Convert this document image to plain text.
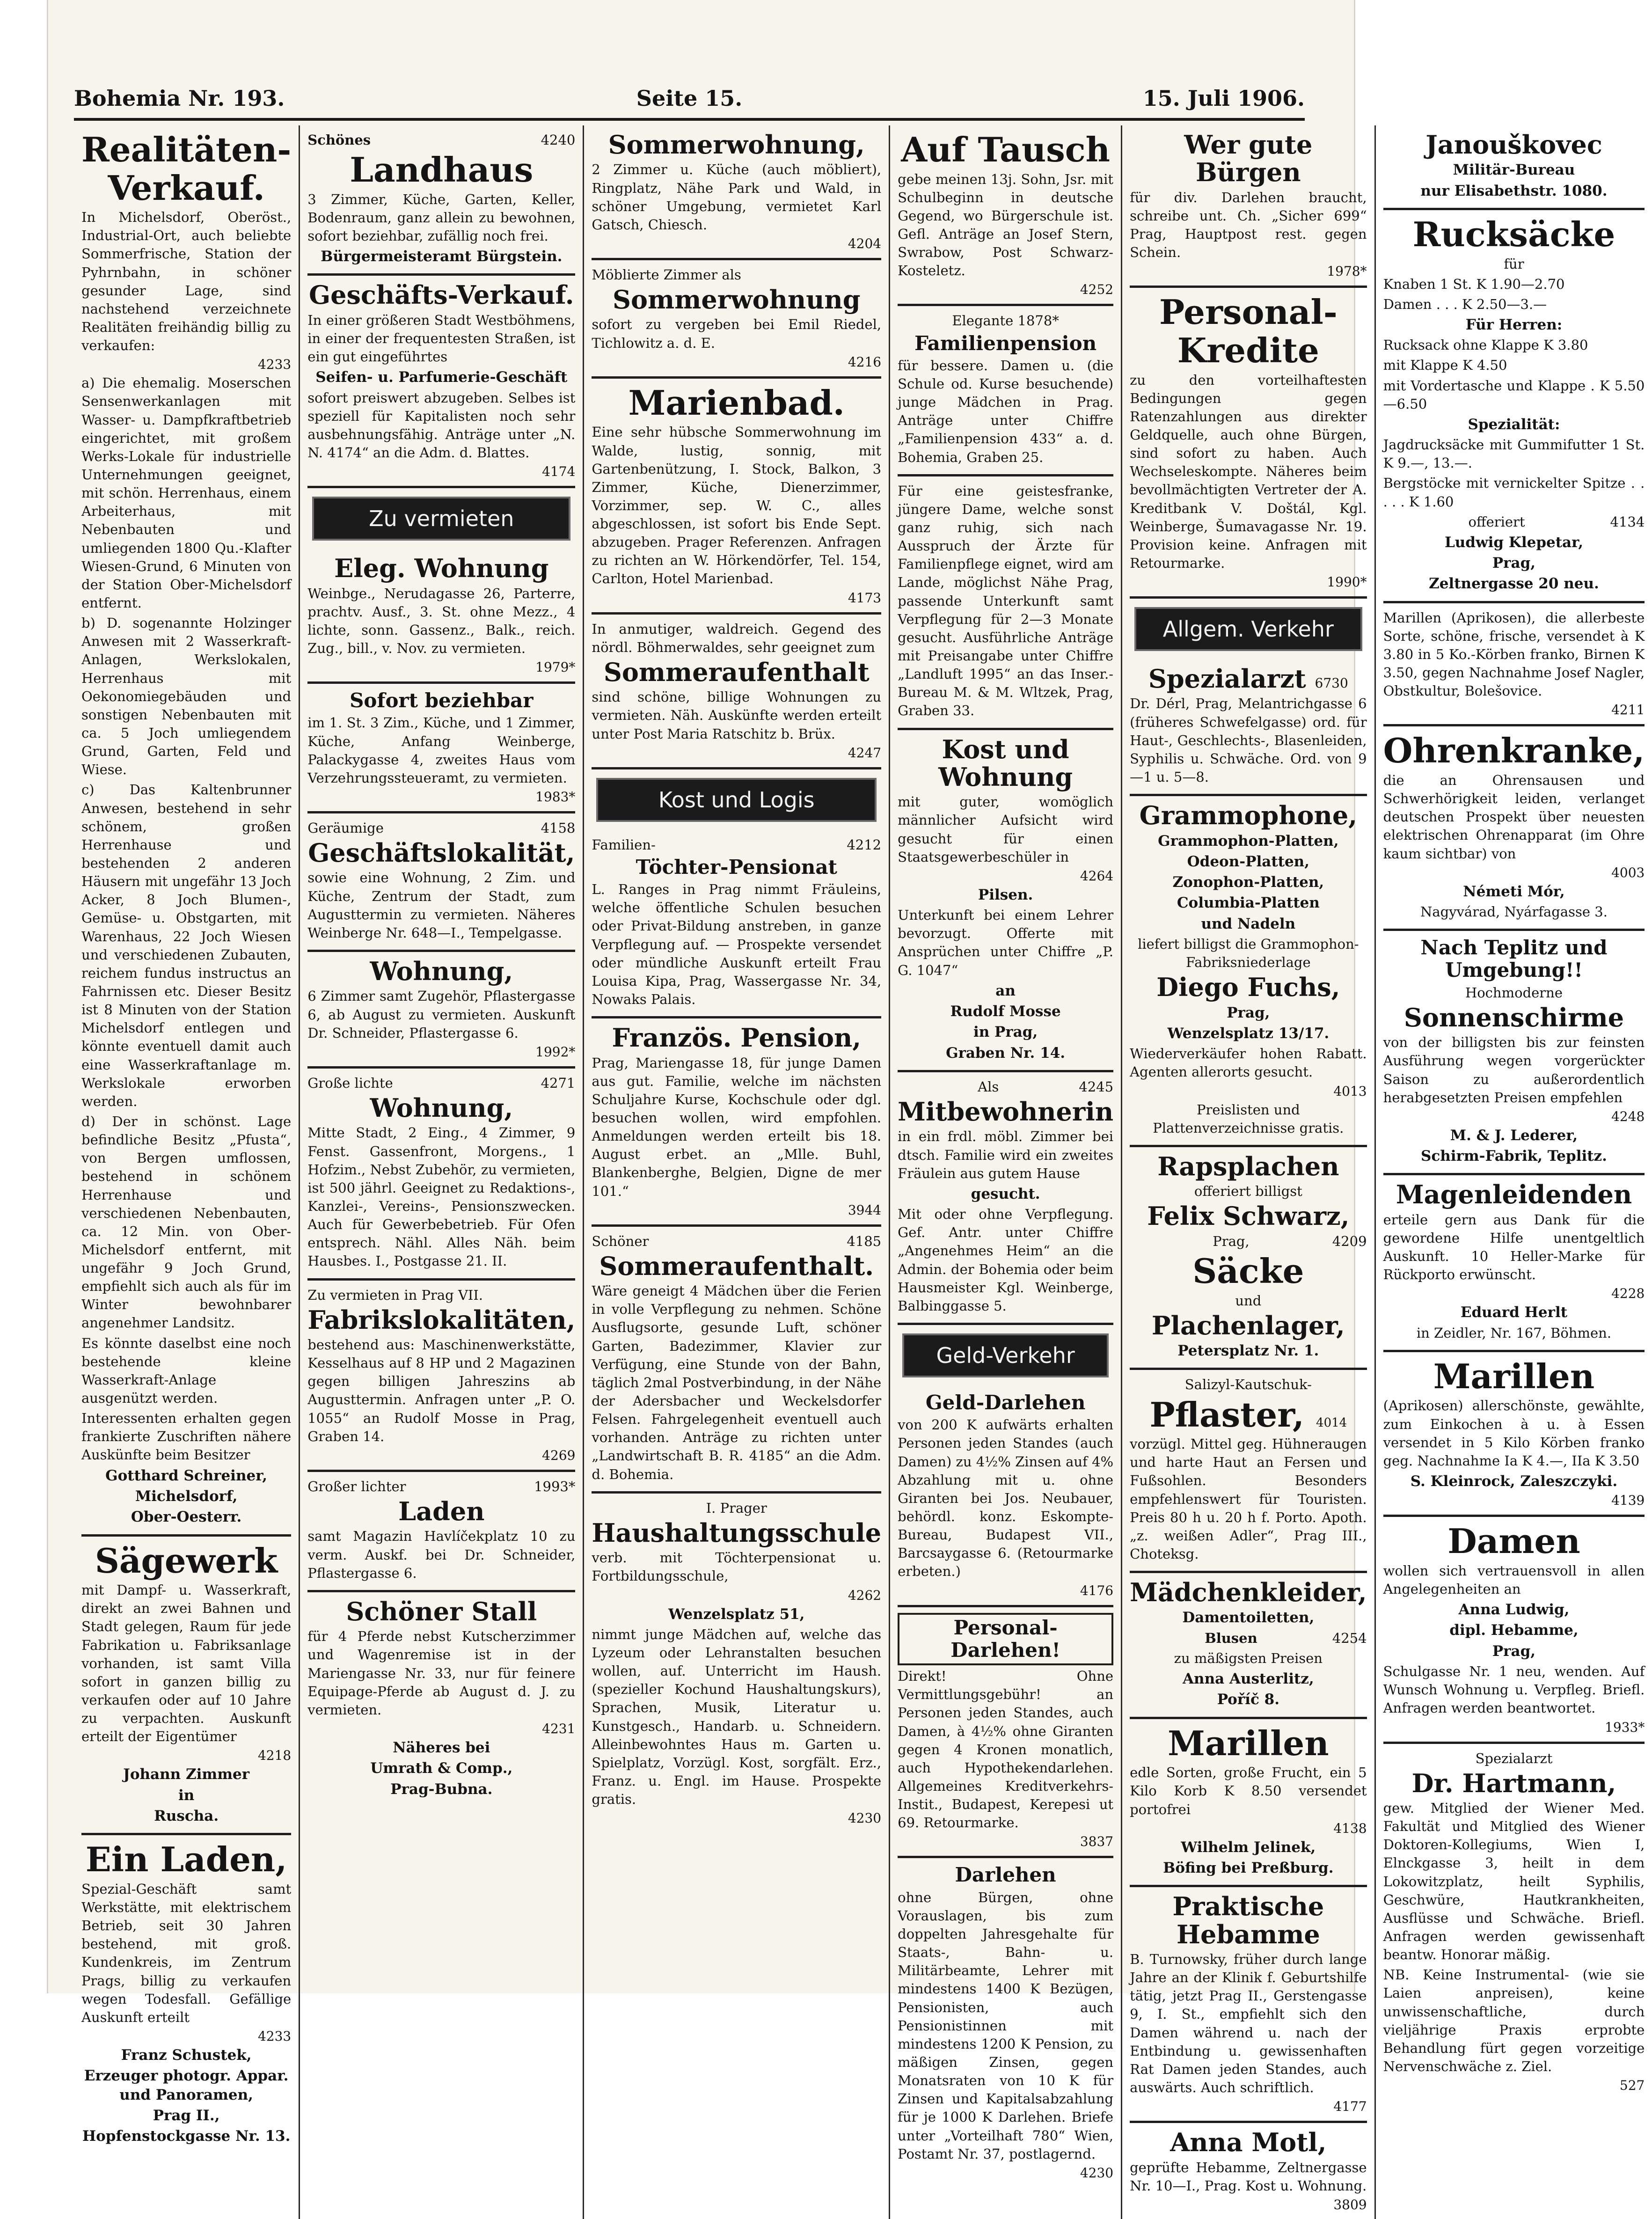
Bohemia Nr. 193.	Seite 15.	15. Juli 1906.
Realitäten-
Verkauf.
In Michelsdorf, Oberöst., Industrial-Ort, auch beliebte Sommerfrische, Station der Pyhrnbahn, in schöner gesunder Lage, sind nachstehend verzeichnete Realitäten freihändig billig zu verkaufen:
4233
a) Die ehemalig. Moserschen Sensenwerkanlagen mit Wasser- u. Dampfkraftbetrieb eingerichtet, mit großem Werks-Lokale für industrielle Unternehmungen geeignet, mit schön. Herrenhaus, einem Arbeiterhaus, mit Nebenbauten und umliegenden 1800 Qu.-Klafter Wiesen-Grund, 6 Minuten von der Station Ober-Michelsdorf entfernt.
b) D. sogenannte Holzinger Anwesen mit 2 Wasserkraft-Anlagen, Werkslokalen, Herrenhaus mit Oekonomiegebäuden und sonstigen Nebenbauten mit ca. 5 Joch umliegendem Grund, Garten, Feld und Wiese.
c) Das Kaltenbrunner Anwesen, bestehend in sehr schönem, großen Herrenhause und bestehenden 2 anderen Häusern mit ungefähr 13 Joch Acker, 8 Joch Blumen-, Gemüse- u. Obstgarten, mit Warenhaus, 22 Joch Wiesen und verschiedenen Zubauten, reichem fundus instructus an Fahrnissen etc. Dieser Besitz ist 8 Minuten von der Station Michelsdorf entlegen und könnte eventuell damit auch eine Wasserkraftanlage m. Werkslokale erworben werden.
d) Der in schönst. Lage befindliche Besitz „Pfusta“, von Bergen umflossen, bestehend in schönem Herrenhause und verschiedenen Nebenbauten, ca. 12 Min. von Ober-Michelsdorf entfernt, mit ungefähr 9 Joch Grund, empfiehlt sich auch als für im Winter bewohnbarer angenehmer Landsitz.
Es könnte daselbst eine noch bestehende kleine Wasserkraft-Anlage ausgenützt werden.
Interessenten erhalten gegen frankierte Zuschriften nähere Auskünfte beim Besitzer
Gotthard Schreiner,
Michelsdorf,
Ober-Oesterr.
Sägewerk
mit Dampf- u. Wasserkraft, direkt an zwei Bahnen und Stadt gelegen, Raum für jede Fabrikation u. Fabriksanlage vorhanden, ist samt Villa sofort in ganzen billig zu verkaufen oder auf 10 Jahre zu verpachten. Auskunft erteilt der Eigentümer
4218
Johann Zimmer
in
Ruscha.
Ein Laden,
Spezial-Geschäft samt Werkstätte, mit elektrischem Betrieb, seit 30 Jahren bestehend, mit groß. Kundenkreis, im Zentrum Prags, billig zu verkaufen wegen Todesfall. Gefällige Auskunft erteilt
4233
Franz Schustek,
Erzeuger photogr. Appar. und Panoramen,
Prag II.,
Hopfenstockgasse Nr. 13.
Schönes	4240
Landhaus
3 Zimmer, Küche, Garten, Keller, Bodenraum, ganz allein zu bewohnen, sofort beziehbar, zufällig noch frei.
Bürgermeisteramt Bürgstein.
Geschäfts-Verkauf.
In einer größeren Stadt Westböhmens, in einer der frequentesten Straßen, ist ein gut eingeführtes
Seifen- u. Parfumerie-Geschäft
sofort preiswert abzugeben. Selbes ist speziell für Kapitalisten noch sehr ausbehnungsfähig. Anträge unter „N. N. 4174“ an die Adm. d. Blattes.
4174
Zu vermieten
Eleg. Wohnung
Weinbge., Nerudagasse 26, Parterre, prachtv. Ausf., 3. St. ohne Mezz., 4 lichte, sonn. Gassenz., Balk., reich. Zug., bill., v. Nov. zu vermieten.
1979*
Sofort beziehbar
im 1. St. 3 Zim., Küche, und 1 Zimmer, Küche, Anfang Weinberge, Palackygasse 4, zweites Haus vom Verzehrungssteueramt, zu vermieten.
1983*
Geräumige	4158
Geschäftslokalität,
sowie eine Wohnung, 2 Zim. und Küche, Zentrum der Stadt, zum Augusttermin zu vermieten. Näheres Weinberge Nr. 648—I., Tempelgasse.
Wohnung,
6 Zimmer samt Zugehör, Pflastergasse 6, ab August zu vermieten. Auskunft Dr. Schneider, Pflastergasse 6.
1992*
Große lichte	4271
Wohnung,
Mitte Stadt, 2 Eing., 4 Zimmer, 9 Fenst. Gassenfront, Morgens., 1 Hofzim., Nebst Zubehör, zu vermieten, ist 500 jährl. Geeignet zu Redaktions-, Kanzlei-, Vereins-, Pensionszwecken. Auch für Gewerbebetrieb. Für Ofen entsprech. Nähl. Alles Näh. beim Hausbes. I., Postgasse 21. II.
Zu vermieten in Prag VII.
Fabrikslokalitäten,
bestehend aus: Maschinenwerkstätte, Kesselhaus auf 8 HP und 2 Magazinen gegen billigen Jahreszins ab Augusttermin. Anfragen unter „P. O. 1055“ an Rudolf Mosse in Prag, Graben 14.
4269
Großer lichter	1993*
Laden
samt Magazin Havlíčekplatz 10 zu verm. Auskf. bei Dr. Schneider, Pflastergasse 6.
Schöner Stall
für 4 Pferde nebst Kutscherzimmer und Wagenremise ist in der Mariengasse Nr. 33, nur für feinere Equipage-Pferde ab August d. J. zu vermieten.
4231
Näheres bei
Umrath & Comp.,
Prag-Bubna.
Sommerwohnung,
2 Zimmer u. Küche (auch möbliert), Ringplatz, Nähe Park und Wald, in schöner Umgebung, vermietet Karl Gatsch, Chiesch.
4204
Möblierte Zimmer als
Sommerwohnung
sofort zu vergeben bei Emil Riedel, Tichlowitz a. d. E.
4216
Marienbad.
Eine sehr hübsche Sommerwohnung im Walde, lustig, sonnig, mit Gartenbenützung, I. Stock, Balkon, 3 Zimmer, Küche, Dienerzimmer, Vorzimmer, sep. W. C., alles abgeschlossen, ist sofort bis Ende Sept. abzugeben. Prager Referenzen. Anfragen zu richten an W. Hörkendörfer, Tel. 154, Carlton, Hotel Marienbad.
4173
In anmutiger, waldreich. Gegend des nördl. Böhmerwaldes, sehr geeignet zum
Sommeraufenthalt
sind schöne, billige Wohnungen zu vermieten. Näh. Auskünfte werden erteilt unter Post Maria Ratschitz b. Brüx.
4247
Kost und Logis
Familien-	4212
Töchter-Pensionat
L. Ranges in Prag nimmt Fräuleins, welche öffentliche Schulen besuchen oder Privat-Bildung anstreben, in ganze Verpflegung auf. — Prospekte versendet oder mündliche Auskunft erteilt Frau Louisa Kipa, Prag, Wassergasse Nr. 34, Nowaks Palais.
Französ. Pension,
Prag, Mariengasse 18, für junge Damen aus gut. Familie, welche im nächsten Schuljahre Kurse, Kochschule oder dgl. besuchen wollen, wird empfohlen. Anmeldungen werden erteilt bis 18. August erbet. an „Mlle. Buhl, Blankenberghe, Belgien, Digne de mer 101.“
3944
Schöner	4185
Sommeraufenthalt.
Wäre geneigt 4 Mädchen über die Ferien in volle Verpflegung zu nehmen. Schöne Ausflugsorte, gesunde Luft, schöner Garten, Badezimmer, Klavier zur Verfügung, eine Stunde von der Bahn, täglich 2mal Postverbindung, in der Nähe der Adersbacher und Weckelsdorfer Felsen. Fahrgelegenheit eventuell auch vorhanden. Anträge zu richten unter „Landwirtschaft B. R. 4185“ an die Adm. d. Bohemia.
I. Prager
Haushaltungsschule
verb. mit Töchterpensionat u. Fortbildungsschule,
4262
Wenzelsplatz 51,
nimmt junge Mädchen auf, welche das Lyzeum oder Lehranstalten besuchen wollen, auf. Unterricht im Haush. (spezieller Kochund Haushaltungskurs), Sprachen, Musik, Literatur u. Kunstgesch., Handarb. u. Schneidern. Alleinbewohntes Haus m. Garten u. Spielplatz, Vorzügl. Kost, sorgfält. Erz., Franz. u. Engl. im Hause. Prospekte gratis.
4230
Auf Tausch
gebe meinen 13j. Sohn, Jsr. mit Schulbeginn in deutsche Gegend, wo Bürgerschule ist. Gefl. Anträge an Josef Stern, Swrabow, Post Schwarz-Kosteletz.
4252
Elegante 1878*
Familienpension
für bessere. Damen u. (die Schule od. Kurse besuchende) junge Mädchen in Prag. Anträge unter Chiffre „Familienpension 433“ a. d. Bohemia, Graben 25.
Für eine geistesfranke, jüngere Dame, welche sonst ganz ruhig, sich nach Ausspruch der Ärzte für Familienpflege eignet, wird am Lande, möglichst Nähe Prag, passende Unterkunft samt Verpflegung für 2—3 Monate gesucht. Ausführliche Anträge mit Preisangabe unter Chiffre „Landluft 1995“ an das Inser.-Bureau M. & M. Wltzek, Prag, Graben 33.
Kost und Wohnung
mit guter, womöglich männlicher Aufsicht wird gesucht für einen Staatsgewerbeschüler in
4264
Pilsen.
Unterkunft bei einem Lehrer bevorzugt. Offerte mit Ansprüchen unter Chiffre „P. G. 1047“
an
Rudolf Mosse
in Prag,
Graben Nr. 14.
Als	4245
Mitbewohnerin
in ein frdl. möbl. Zimmer bei dtsch. Familie wird ein zweites Fräulein aus gutem Hause
gesucht.
Mit oder ohne Verpflegung. Gef. Antr. unter Chiffre „Angenehmes Heim“ an die Admin. der Bohemia oder beim Hausmeister Kgl. Weinberge, Balbinggasse 5.
Geld-Verkehr
Geld-Darlehen
von 200 K aufwärts erhalten Personen jeden Standes (auch Damen) zu 4½% Zinsen auf 4% Abzahlung mit u. ohne Giranten bei Jos. Neubauer, behördl. konz. Eskompte-Bureau, Budapest VII., Barcsaygasse 6. (Retourmarke erbeten.)
4176
Personal-Darlehen!
Direkt! Ohne Vermittlungsgebühr! an Personen jeden Standes, auch Damen, à 4½% ohne Giranten gegen 4 Kronen monatlich, auch Hypothekendarlehen. Allgemeines Kreditverkehrs-Instit., Budapest, Kerepesi ut 69. Retourmarke.
3837
Darlehen
ohne Bürgen, ohne Vorauslagen, bis zum doppelten Jahresgehalte für Staats-, Bahn- u. Militärbeamte, Lehrer mit mindestens 1400 K Bezügen, Pensionisten, auch Pensionistinnen mit mindestens 1200 K Pension, zu mäßigen Zinsen, gegen Monatsraten von 10 K für Zinsen und Kapitalsabzahlung für je 1000 K Darlehen. Briefe unter „Vorteilhaft 780“ Wien, Postamt Nr. 37, postlagernd.
4230
Wer gute Bürgen
für div. Darlehen braucht, schreibe unt. Ch. „Sicher 699“ Prag, Hauptpost rest. gegen Schein.
1978*
Personal-
Kredite
zu den vorteilhaftesten Bedingungen gegen Ratenzahlungen aus direkter Geldquelle, auch ohne Bürgen, sind sofort zu haben. Auch Wechseleskompte. Näheres beim bevollmächtigten Vertreter der A. Kreditbank V. Doštál, Kgl. Weinberge, Šumavagasse Nr. 19. Provision keine. Anfragen mit Retourmarke.
1990*
Allgem. Verkehr
Spezialarzt 6730
Dr. Dérl, Prag, Melantrichgasse 6 (früheres Schwefelgasse) ord. für Haut-, Geschlechts-, Blasenleiden, Syphilis u. Schwäche. Ord. von 9—1 u. 5—8.
Grammophone,
Grammophon-Platten,
Odeon-Platten,
Zonophon-Platten,
Columbia-Platten
und Nadeln
liefert billigst die Grammophon-Fabriksniederlage
Diego Fuchs,
Prag,
Wenzelsplatz 13/17.
Wiederverkäufer hohen Rabatt. Agenten allerorts gesucht.
4013
Preislisten und Plattenverzeichnisse gratis.
Rapsplachen
offeriert billigst
Felix Schwarz,
Prag,	4209
Säcke
und
Plachenlager,
Petersplatz Nr. 1.
Salizyl-Kautschuk-
Pflaster, 4014
vorzügl. Mittel geg. Hühneraugen und harte Haut an Fersen und Fußsohlen. Besonders empfehlenswert für Touristen. Preis 80 h u. 20 h f. Porto. Apoth. „z. weißen Adler“, Prag III., Choteksg.
Mädchenkleider,
Damentoiletten,
Blusen	4254
zu mäßigsten Preisen
Anna Austerlitz,
Poříč 8.
Marillen
edle Sorten, große Frucht, ein 5 Kilo Korb K 8.50 versendet portofrei
4138
Wilhelm Jelinek,
Böfing bei Preßburg.
Praktische Hebamme
B. Turnowsky, früher durch lange Jahre an der Klinik f. Geburtshilfe tätig, jetzt Prag II., Gerstengasse 9, I. St., empfiehlt sich den Damen während u. nach der Entbindung u. gewissenhaften Rat Damen jeden Standes, auch auswärts. Auch schriftlich.
4177
Anna Motl,
geprüfte Hebamme, Zeltnergasse Nr. 10—I., Prag. Kost u. Wohnung.
3809
Janouškovec
Militär-Bureau
nur Elisabethstr. 1080.
Rucksäcke
für
Knaben 1 St. K 1.90—2.70
Damen . . . K 2.50—3.—
Für Herren:
Rucksack ohne Klappe K 3.80
mit Klappe K 4.50
mit Vordertasche und Klappe . K 5.50—6.50
Spezialität:
Jagdrucksäcke mit Gummifutter 1 St. K 9.—, 13.—.
Bergstöcke mit vernickelter Spitze . . . . . K 1.60
offeriert	4134
Ludwig Klepetar,
Prag,
Zeltnergasse 20 neu.
Marillen (Aprikosen), die allerbeste Sorte, schöne, frische, versendet à K 3.80 in 5 Ko.-Körben franko, Birnen K 3.50, gegen Nachnahme Josef Nagler, Obstkultur, Bolešovice.
4211
Ohrenkranke,
die an Ohrensausen und Schwerhörigkeit leiden, verlanget deutschen Prospekt über neuesten elektrischen Ohrenapparat (im Ohre kaum sichtbar) von
4003
Németi Mór,
Nagyvárad, Nyárfagasse 3.
Nach Teplitz und Umgebung!!
Hochmoderne
Sonnenschirme
von der billigsten bis zur feinsten Ausführung wegen vorgerückter Saison zu außerordentlich herabgesetzten Preisen empfehlen
4248
M. & J. Lederer,
Schirm-Fabrik, Teplitz.
Magenleidenden
erteile gern aus Dank für die gewordene Hilfe unentgeltlich Auskunft. 10 Heller-Marke für Rückporto erwünscht.
4228
Eduard Herlt
in Zeidler, Nr. 167, Böhmen.
Marillen
(Aprikosen) allerschönste, gewählte, zum Einkochen à u. à Essen versendet in 5 Kilo Körben franko geg. Nachnahme Ia K 4.—, IIa K 3.50
S. Kleinrock, Zaleszczyki.
4139
Damen
wollen sich vertrauensvoll in allen Angelegenheiten an
Anna Ludwig,
dipl. Hebamme,
Prag,
Schulgasse Nr. 1 neu, wenden. Auf Wunsch Wohnung u. Verpfleg. Briefl. Anfragen werden beantwortet.
1933*
Spezialarzt
Dr. Hartmann,
gew. Mitglied der Wiener Med. Fakultät und Mitglied des Wiener Doktoren-Kollegiums, Wien I, Elnckgasse 3, heilt in dem Lokowitzplatz, heilt Syphilis, Geschwüre, Hautkrankheiten, Ausflüsse und Schwäche. Briefl. Anfragen werden gewissenhaft beantw. Honorar mäßig.
NB. Keine Instrumental- (wie sie Laien anpreisen), keine unwissenschaftliche, durch vieljährige Praxis erprobte Behandlung fürt gegen vorzeitige Nervenschwäche z. Ziel.
527
